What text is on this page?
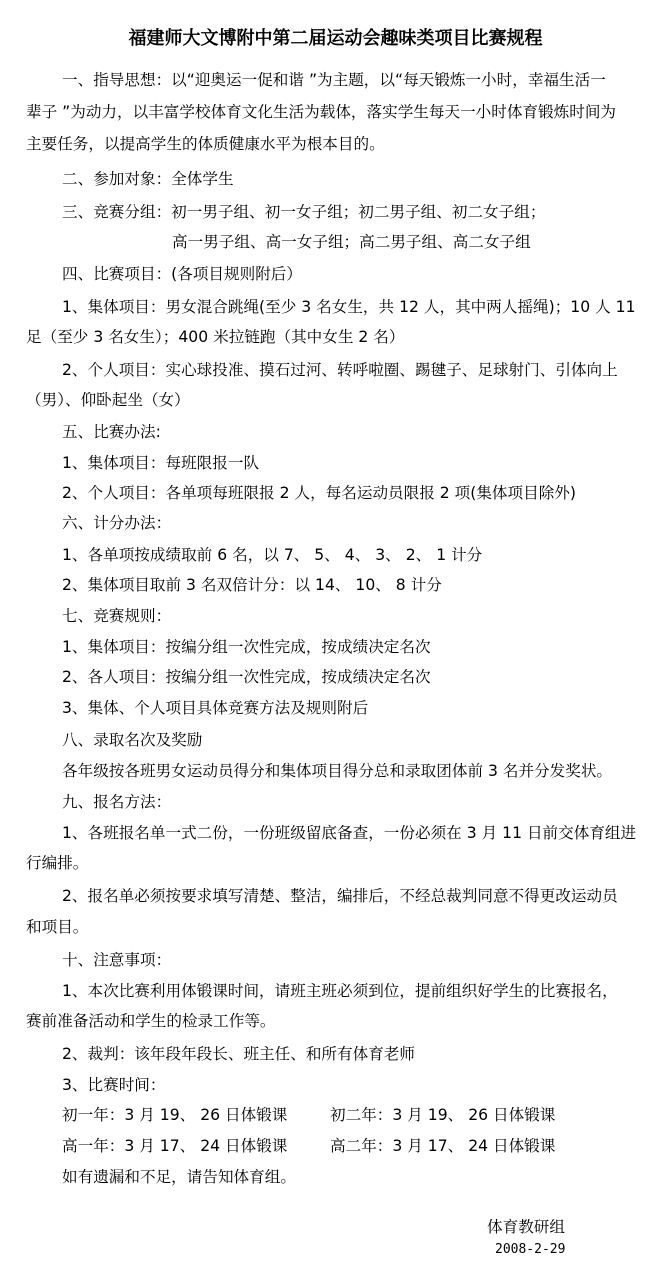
福建师大文博附中第二届运动会趣味类项目比赛规程
一、指导思想：以“迎奥运一促和谐 ”为主题，以“每天锻炼一小时，幸福生活一
辈子 ”为动力，以丰富学校体育文化生活为载体，落实学生每天一小时体育锻炼时间为
主要任务，以提高学生的体质健康水平为根本目的。
二、参加对象：全体学生
三、竞赛分组：初一男子组、初一女子组；初二男子组、初二女子组；
高一男子组、高一女子组；高二男子组、高二女子组
四、比赛项目：(各项目规则附后）
1、集体项目：男女混合跳绳(至少 3 名女生，共 12 人，其中两人摇绳)；10 人 11
足（至少 3 名女生）；400 米拉链跑（其中女生 2 名）
2、个人项目：实心球投准、摸石过河、转呼啦圈、踢毽子、足球射门、引体向上
（男）、仰卧起坐（女）
五、比赛办法:
1、集体项目：每班限报一队
2、个人项目：各单项每班限报 2 人，每名运动员限报 2 项(集体项目除外)
六、计分办法：
1、各单项按成绩取前 6 名，以 7、 5、 4、 3、 2、 1 计分
2、集体项目取前 3 名双倍计分：以 14、 10、 8 计分
七、竞赛规则：
1、集体项目：按编分组一次性完成，按成绩决定名次
2、各人项目：按编分组一次性完成，按成绩决定名次
3、集体、个人项目具体竞赛方法及规则附后
八、录取名次及奖励
各年级按各班男女运动员得分和集体项目得分总和录取团体前 3 名并分发奖状。
九、报名方法：
1、各班报名单一式二份，一份班级留底备查，一份必须在 3 月 11 日前交体育组进
行编排。
2、报名单必须按要求填写清楚、整洁，编排后，不经总裁判同意不得更改运动员
和项目。
十、注意事项：
1、本次比赛利用体锻课时间，请班主班必须到位，提前组织好学生的比赛报名，
赛前准备活动和学生的检录工作等。
2、裁判：该年段年段长、班主任、和所有体育老师
3、比赛时间：
初一年：3 月 19、 26 日体锻课	初二年：3 月 19、 26 日体锻课
高一年：3 月 17、 24 日体锻课	高二年：3 月 17、 24 日体锻课
如有遗漏和不足，请告知体育组。
体育教研组
2008-2-29
